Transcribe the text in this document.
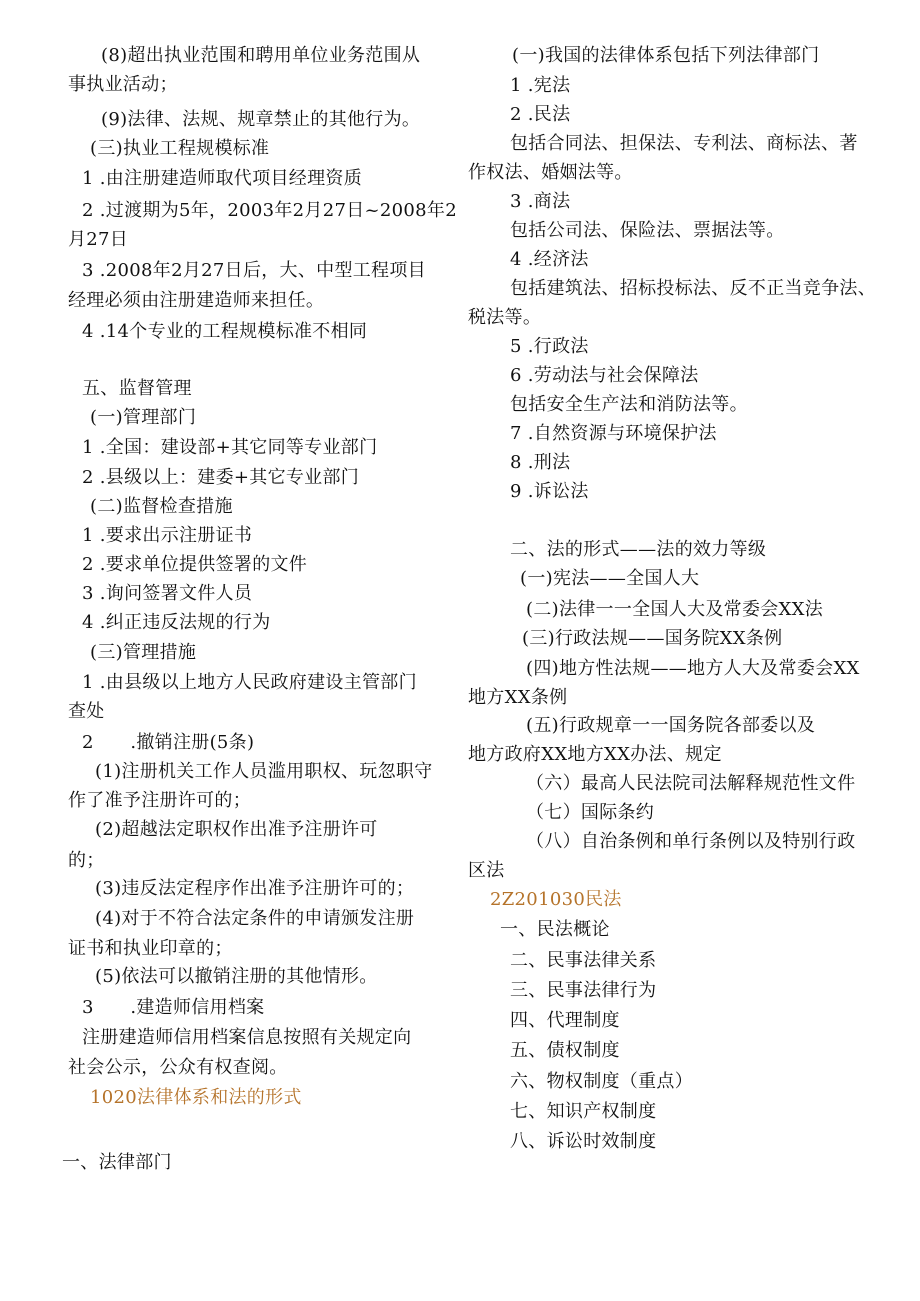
(8)超出执业范围和聘用单位业务范围从
事执业活动；
(9)法律、法规、规章禁止的其他行为。
(三)执业工程规模标准
1 .由注册建造师取代项目经理资质
2 .过渡期为5年，2003年2月27日~2008年2
月27日
3 .2008年2月27日后，大、中型工程项目
经理必须由注册建造师来担任。
4 .14个专业的工程规模标准不相同
五、监督管理
(一)管理部门
1 .全国：建设部+其它同等专业部门
2 .县级以上：建委+其它专业部门
(二)监督检查措施
1 .要求出示注册证书
2 .要求单位提供签署的文件
3 .询问签署文件人员
4 .纠正违反法规的行为
(三)管理措施
1 .由县级以上地方人民政府建设主管部门
查处
2　　.撤销注册(5条)
(1)注册机关工作人员滥用职权、玩忽职守
作了准予注册许可的；
(2)超越法定职权作出准予注册许可
的；
(3)违反法定程序作出准予注册许可的；
(4)对于不符合法定条件的申请颁发注册
证书和执业印章的；
(5)依法可以撤销注册的其他情形。
3　　.建造师信用档案
注册建造师信用档案信息按照有关规定向
社会公示，公众有权查阅。
1020法律体系和法的形式
一、法律部门
(一)我国的法律体系包括下列法律部门
1 .宪法
2 .民法
包括合同法、担保法、专利法、商标法、著
作权法、婚姻法等。
3 .商法
包括公司法、保险法、票据法等。
4 .经济法
包括建筑法、招标投标法、反不正当竞争法、
税法等。
5 .行政法
6 .劳动法与社会保障法
包括安全生产法和消防法等。
7 .自然资源与环境保护法
8 .刑法
9 .诉讼法
二、法的形式——法的效力等级
(一)宪法——全国人大
(二)法律一一全国人大及常委会XX法
(三)行政法规——国务院XX条例
(四)地方性法规——地方人大及常委会XX
地方XX条例
(五)行政规章一一国务院各部委以及
地方政府XX地方XX办法、规定
（六）最高人民法院司法解释规范性文件
（七）国际条约
（八）自治条例和单行条例以及特别行政
区法
2Z201030民法
一、民法概论
二、民事法律关系
三、民事法律行为
四、代理制度
五、债权制度
六、物权制度（重点）
七、知识产权制度
八、诉讼时效制度
